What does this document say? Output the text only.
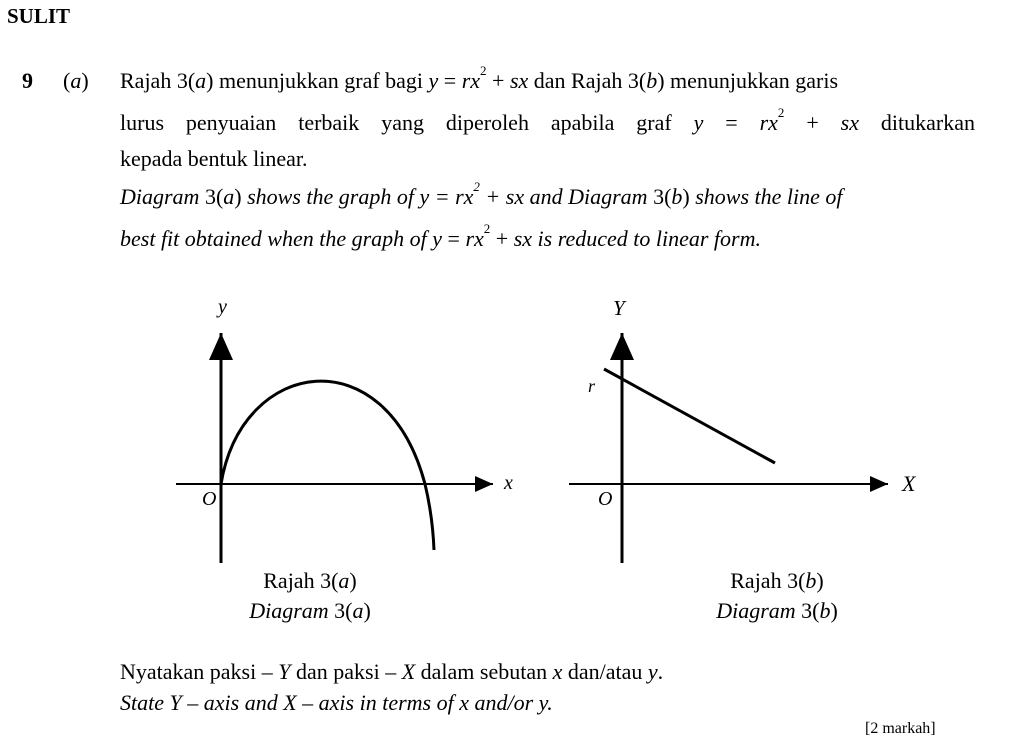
SULIT
9 (a) Rajah 3(a) menunjukkan graf bagi $y = rx^2$ + sx dan Rajah 3(b) menunjukkan garis
lurus penyuaian terbaik yang diperoleh apabila graf $y = rx^2$ + sx ditukarkan
kepada bentuk linear.
Diagram 3(a) shows the graph of $y = rx^2$ + sx and Diagram 3(b) shows the line of
best fit obtained when the graph of $y = rx^2$ + sx is reduced to linear form.
y
x
O
Y
X
O
r
Rajah 3(a)
Diagram 3(a)
Rajah 3(b)
Diagram 3(b)
Nyatakan paksi – Y dan paksi – X dalam sebutan x dan/atau y.
State Y – axis and X – axis in terms of x and/or y.
[2 markah]
